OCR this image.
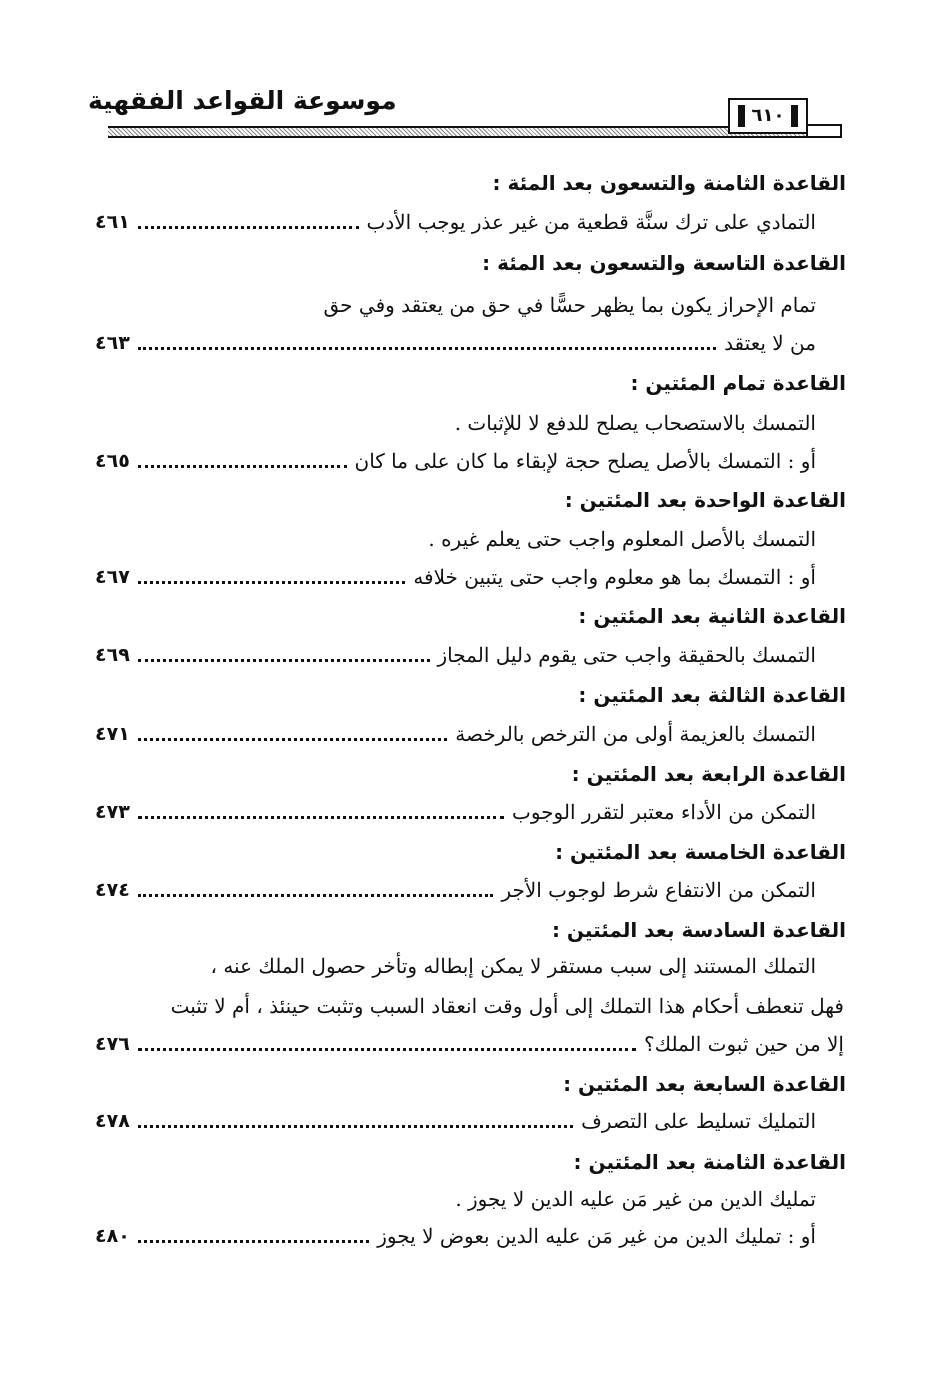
موسوعة القواعد الفقهية
٦١٠
القاعدة الثامنة والتسعون بعد المئة :
التمادي على ترك سنَّة قطعية من غير عذر يوجب الأدب
٤٦١
القاعدة التاسعة والتسعون بعد المئة :
تمام الإحراز يكون بما يظهر حسًّا في حق من يعتقد وفي حق
من لا يعتقد
٤٦٣
القاعدة تمام المئتين :
التمسك بالاستصحاب يصلح للدفع لا للإثبات .
أو : التمسك بالأصل يصلح حجة لإبقاء ما كان على ما كان
٤٦٥
القاعدة الواحدة بعد المئتين :
التمسك بالأصل المعلوم واجب حتى يعلم غيره .
أو : التمسك بما هو معلوم واجب حتى يتبين خلافه
٤٦٧
القاعدة الثانية بعد المئتين :
التمسك بالحقيقة واجب حتى يقوم دليل المجاز
٤٦٩
القاعدة الثالثة بعد المئتين :
التمسك بالعزيمة أولى من الترخص بالرخصة
٤٧١
القاعدة الرابعة بعد المئتين :
التمكن من الأداء معتبر لتقرر الوجوب
٤٧٣
القاعدة الخامسة بعد المئتين :
التمكن من الانتفاع شرط لوجوب الأجر
٤٧٤
القاعدة السادسة بعد المئتين :
التملك المستند إلى سبب مستقر لا يمكن إبطاله وتأخر حصول الملك عنه ،
فهل تنعطف أحكام هذا التملك إلى أول وقت انعقاد السبب وتثبت حينئذ ، أم لا تثبت
إلا من حين ثبوت الملك؟
٤٧٦
القاعدة السابعة بعد المئتين :
التمليك تسليط على التصرف
٤٧٨
القاعدة الثامنة بعد المئتين :
تمليك الدين من غير مَن عليه الدين لا يجوز .
أو : تمليك الدين من غير مَن عليه الدين بعوض لا يجوز
٤٨٠
